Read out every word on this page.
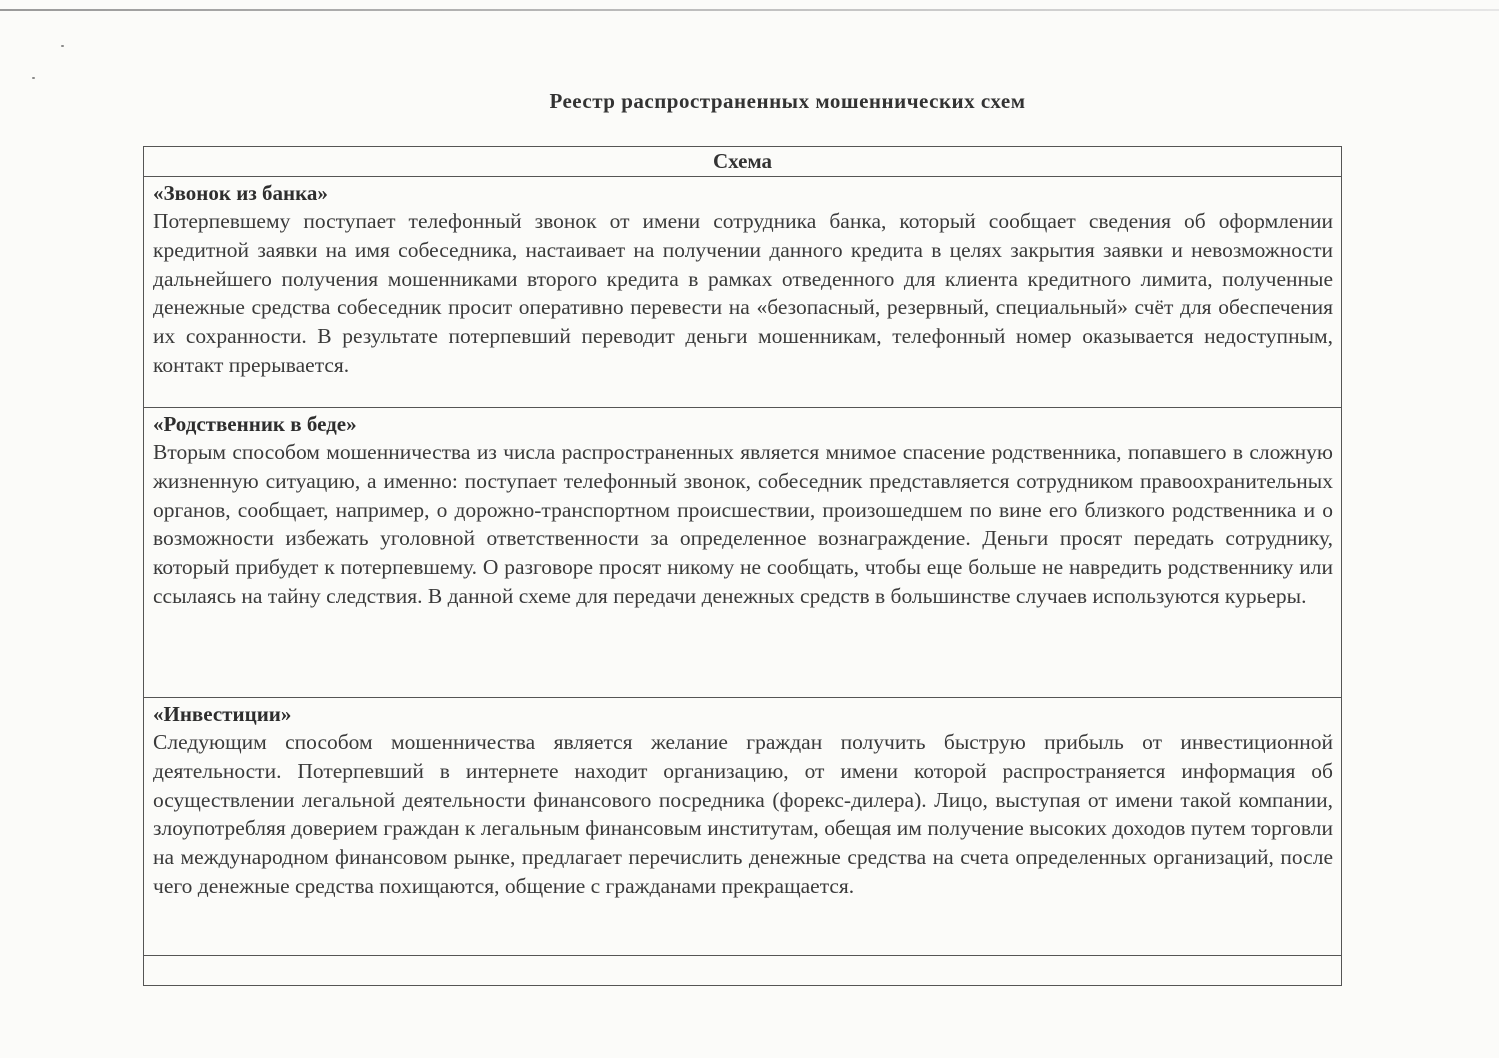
Реестр распространенных мошеннических схем
Схема
«Звонок из банка»

Потерпевшему поступает телефонный звонок от имени сотрудника банка, который сообщает сведения об оформлении кредитной заявки на имя собеседника, настаивает на получении данного кредита в целях закрытия заявки и невозможности дальнейшего получения мошенниками второго кредита в рамках отведенного для клиента кредитного лимита, полученные денежные средства собеседник просит оперативно перевести на «безопасный, резервный, специальный» счёт для обеспечения их сохранности. В результате потерпевший переводит деньги мошенникам, телефонный номер оказывается недоступным, контакт прерывается.

«Родственник в беде»

Вторым способом мошенничества из числа распространенных является мнимое спасение родственника, попавшего в сложную жизненную ситуацию, а именно: поступает телефонный звонок, собеседник представляется сотрудником правоохранительных органов, сообщает, например, о дорожно-транспортном происшествии, произошедшем по вине его близкого родственника и о возможности избежать уголовной ответственности за определенное вознаграждение. Деньги просят передать сотруднику, который прибудет к потерпевшему. О разговоре просят никому не сообщать, чтобы еще больше не навредить родственнику или ссылаясь на тайну следствия. В данной схеме для передачи денежных средств в большинстве случаев используются курьеры.

«Инвестиции»

Следующим способом мошенничества является желание граждан получить быструю прибыль от инвестиционной деятельности. Потерпевший в интернете находит организацию, от имени которой распространяется информация об осуществлении легальной деятельности финансового посредника (форекс-дилера). Лицо, выступая от имени такой компании, злоупотребляя доверием граждан к легальным финансовым институтам, обещая им получение высоких доходов путем торговли на международном финансовом рынке, предлагает перечислить денежные средства на счета определенных организаций, после чего денежные средства похищаются, общение с гражданами прекращается.
